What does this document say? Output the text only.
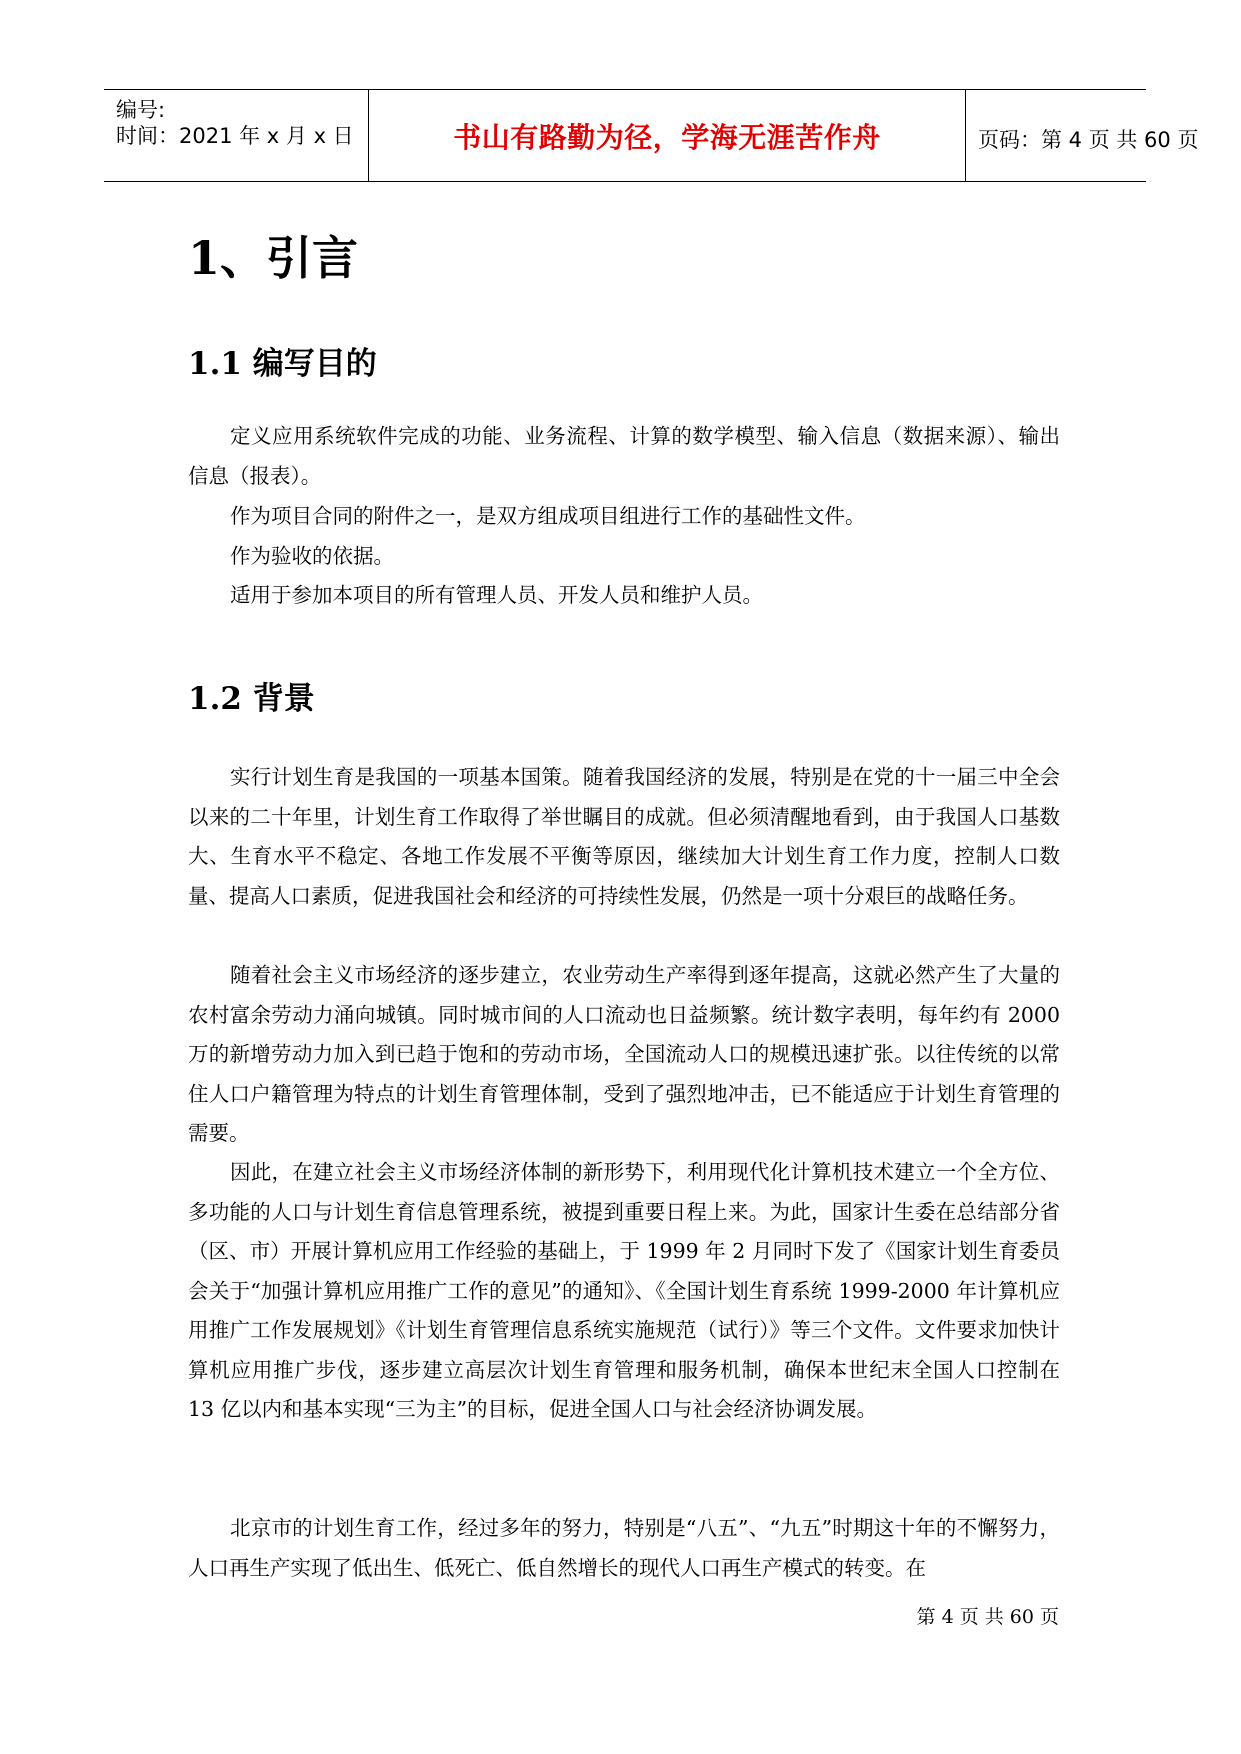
编号:
时间：2021 年 x 月 x 日	书山有路勤为径，学海无涯苦作舟	页码：第 4 页 共 60 页
1、引言
1.1 编写目的

定义应用系统软件完成的功能、业务流程、计算的数学模型、输入信息（数据来源）、输出信息（报表）。

作为项目合同的附件之一，是双方组成项目组进行工作的基础性文件。

作为验收的依据。

适用于参加本项目的所有管理人员、开发人员和维护人员。

1.2 背景

实行计划生育是我国的一项基本国策。随着我国经济的发展，特别是在党的十一届三中全会以来的二十年里，计划生育工作取得了举世瞩目的成就。但必须清醒地看到，由于我国人口基数大、生育水平不稳定、各地工作发展不平衡等原因，继续加大计划生育工作力度，控制人口数量、提高人口素质，促进我国社会和经济的可持续性发展，仍然是一项十分艰巨的战略任务。

随着社会主义市场经济的逐步建立，农业劳动生产率得到逐年提高，这就必然产生了大量的农村富余劳动力涌向城镇。同时城市间的人口流动也日益频繁。统计数字表明，每年约有 2000 万的新增劳动力加入到已趋于饱和的劳动市场，全国流动人口的规模迅速扩张。以往传统的以常住人口户籍管理为特点的计划生育管理体制，受到了强烈地冲击，已不能适应于计划生育管理的需要。

因此，在建立社会主义市场经济体制的新形势下，利用现代化计算机技术建立一个全方位、多功能的人口与计划生育信息管理系统，被提到重要日程上来。为此，国家计生委在总结部分省（区、市）开展计算机应用工作经验的基础上，于 1999 年 2 月同时下发了《国家计划生育委员会关于“加强计算机应用推广工作的意见”的通知》、《全国计划生育系统 1999-2000 年计算机应用推广工作发展规划》《计划生育管理信息系统实施规范（试行）》等三个文件。文件要求加快计算机应用推广步伐，逐步建立高层次计划生育管理和服务机制，确保本世纪末全国人口控制在 13 亿以内和基本实现“三为主”的目标，促进全国人口与社会经济协调发展。

北京市的计划生育工作，经过多年的努力，特别是“八五”、“九五”时期这十年的不懈努力，人口再生产实现了低出生、低死亡、低自然增长的现代人口再生产模式的转变。在

第 4 页 共 60 页
